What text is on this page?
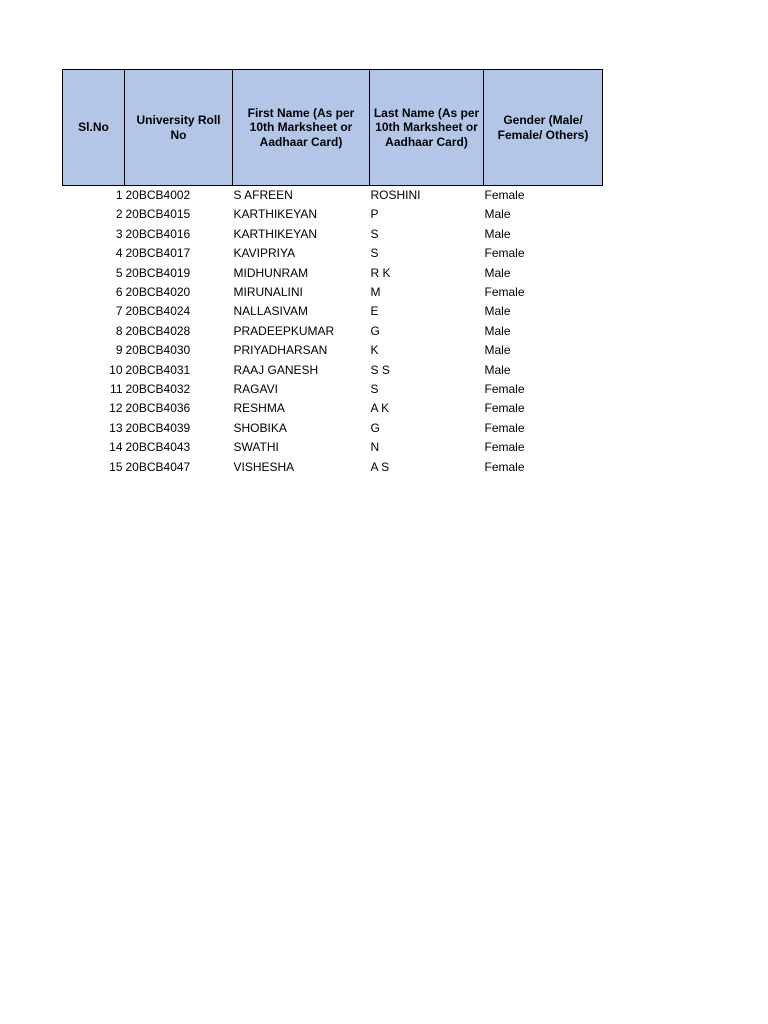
Sl.No	University Roll No	First Name (As per 10th Marksheet or Aadhaar Card)	Last Name (As per 10th Marksheet or Aadhaar Card)	Gender (Male/ Female/ Others)
1	20BCB4002	S AFREEN	ROSHINI	Female
2	20BCB4015	KARTHIKEYAN	P	Male
3	20BCB4016	KARTHIKEYAN	S	Male
4	20BCB4017	KAVIPRIYA	S	Female
5	20BCB4019	MIDHUNRAM	R K	Male
6	20BCB4020	MIRUNALINI	M	Female
7	20BCB4024	NALLASIVAM	E	Male
8	20BCB4028	PRADEEPKUMAR	G	Male
9	20BCB4030	PRIYADHARSAN	K	Male
10	20BCB4031	RAAJ GANESH	S S	Male
11	20BCB4032	RAGAVI	S	Female
12	20BCB4036	RESHMA	A K	Female
13	20BCB4039	SHOBIKA	G	Female
14	20BCB4043	SWATHI	N	Female
15	20BCB4047	VISHESHA	A S	Female
